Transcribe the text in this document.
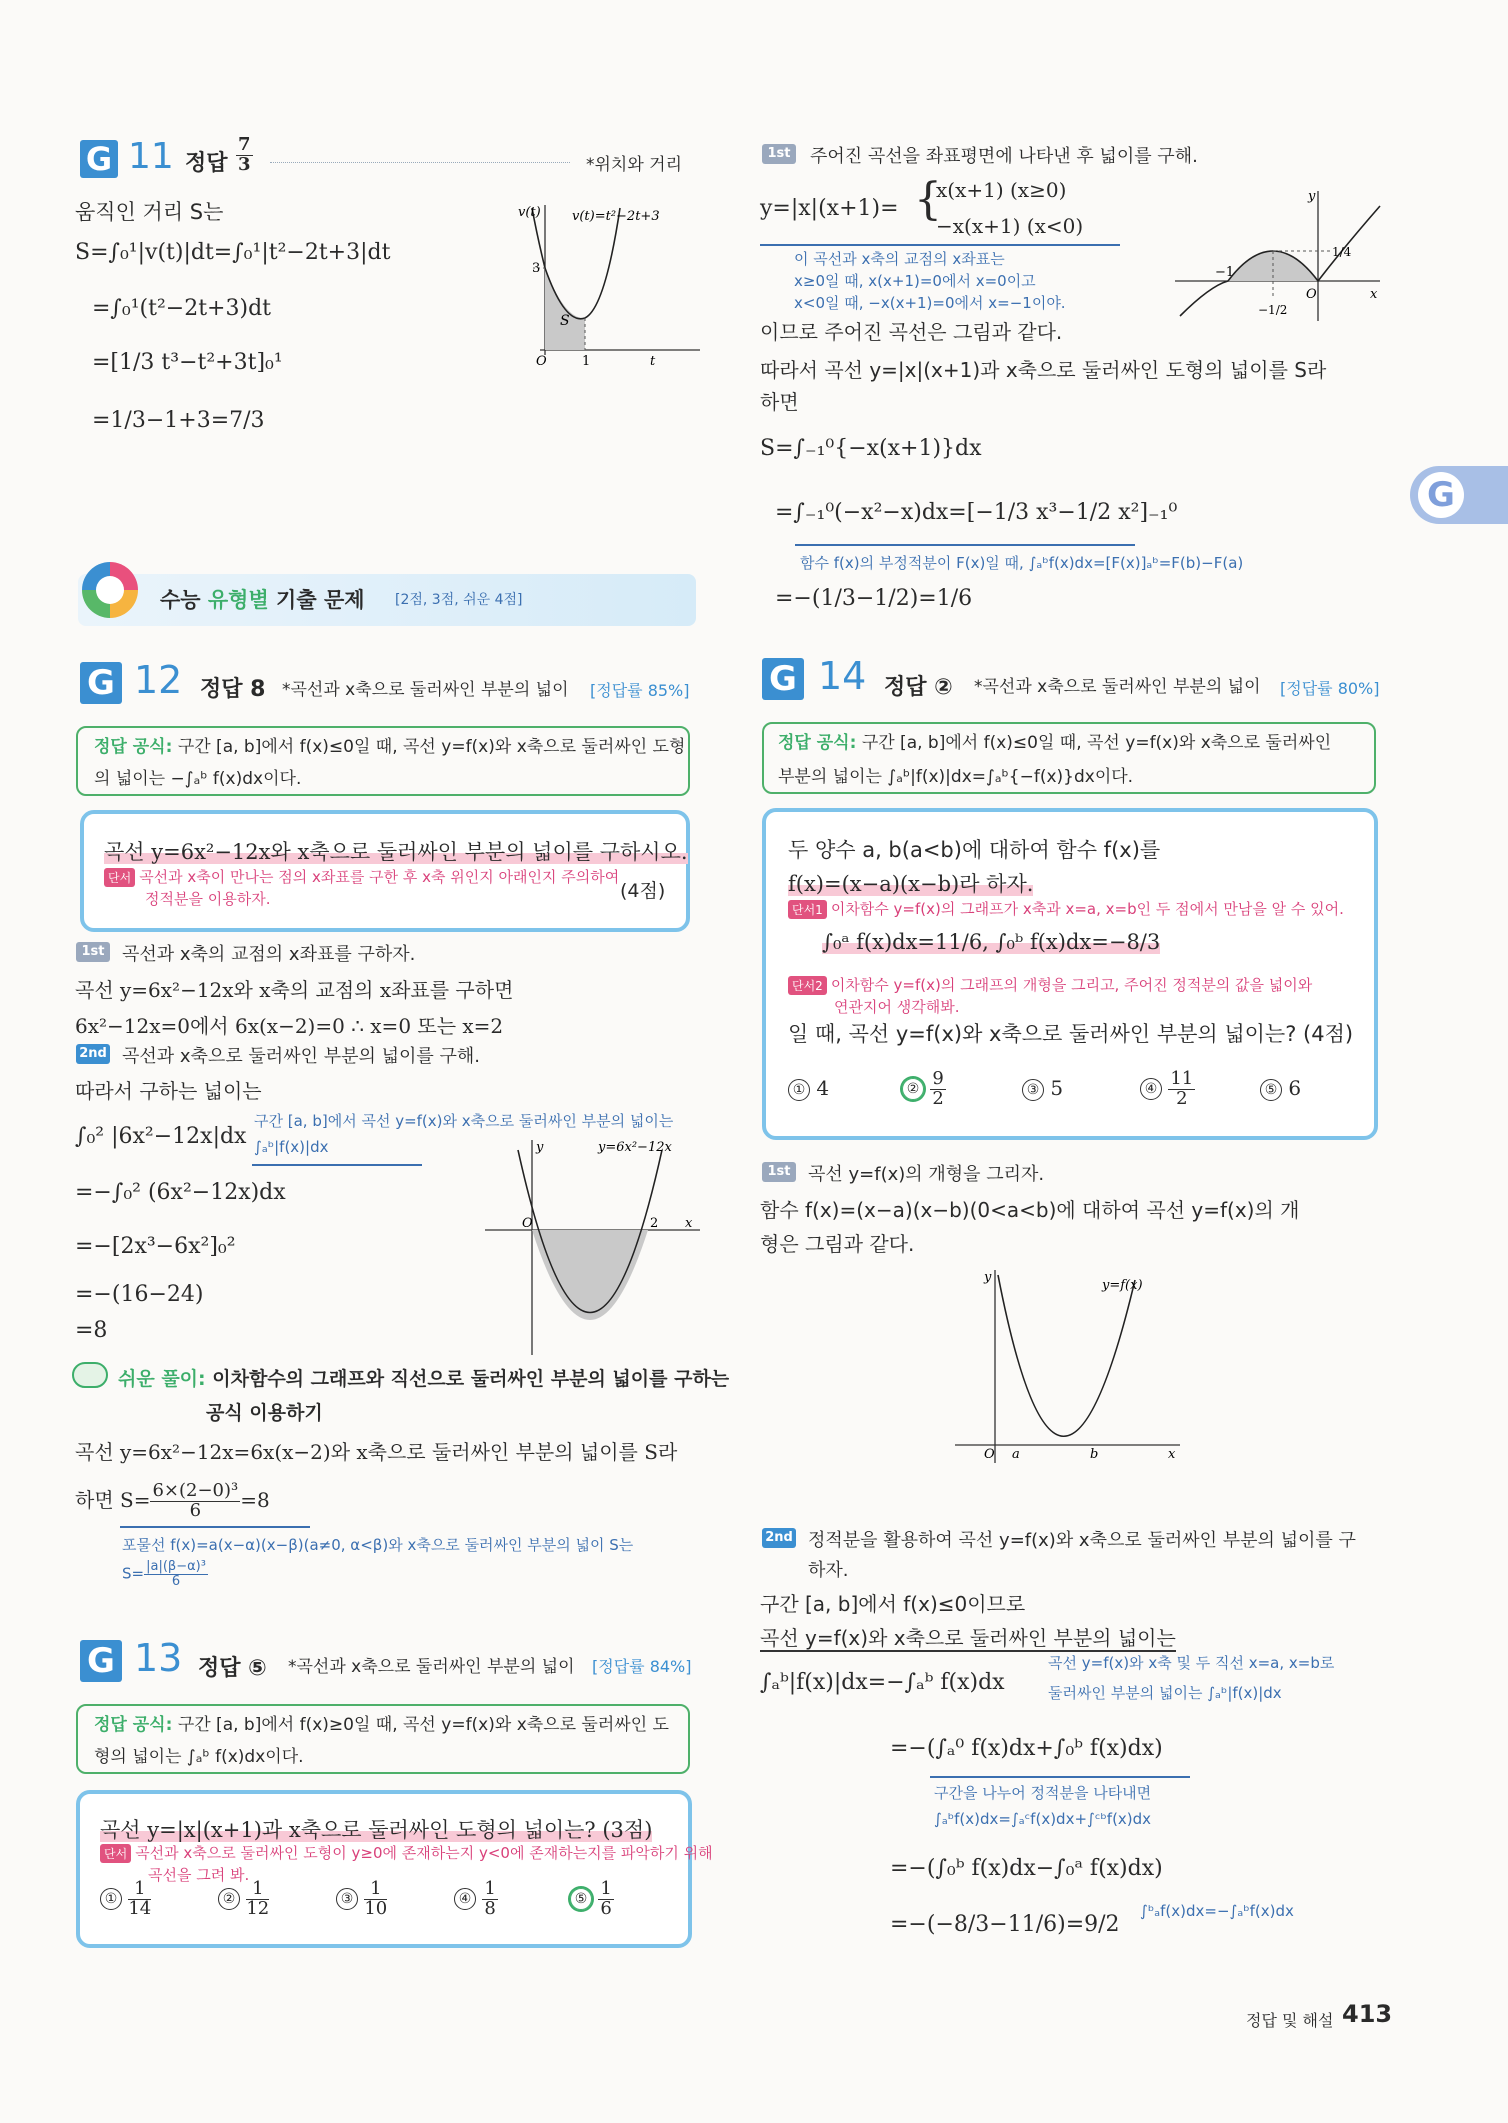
G 11 정답 $\frac{7}{3}$	*위치와 거리
움직인 거리 S는
S=∫₀¹|v(t)|dt=∫₀¹|t²−2t+3|dt
=∫₀¹(t²−2t+3)dt
=[1/3 t³−t²+3t]₀¹
=1/3−1+3=7/3
v(t) v(t)=t²−2t+3
3
S
O	1	t
수능 유형별 기출 문제 [2점, 3점, 쉬운 4점]
G 12 정답 8 *곡선과 x축으로 둘러싸인 부분의 넓이 [정답률 85%]
정답 공식: 구간 [a, b]에서 f(x)≤0일 때, 곡선 y=f(x)와 x축으로 둘러싸인 도형
의 넓이는 −∫ₐᵇ f(x)dx이다.
곡선 y=6x²−12x와 x축으로 둘러싸인 부분의 넓이를 구하시오.
단서 곡선과 x축이 만나는 점의 x좌표를 구한 후 x축 위인지 아래인지 주의하여
정적분을 이용하자.	(4점)
1st 곡선과 x축의 교점의 x좌표를 구하자.
곡선 y=6x²−12x와 x축의 교점의 x좌표를 구하면
6x²−12x=0에서 6x(x−2)=0 ∴ x=0 또는 x=2
2nd 곡선과 x축으로 둘러싸인 부분의 넓이를 구해.
따라서 구하는 넓이는
∫₀² |6x²−12x|dx
=−∫₀² (6x²−12x)dx
=−[2x³−6x²]₀²
=−(16−24)
=8
구간 [a, b]에서 곡선 y=f(x)와 x축으로 둘러싸인 부분의 넓이는
∫ₐᵇ|f(x)|dx	y	y=6x²−12x
O	2 x
쉬운 풀이: 이차함수의 그래프와 직선으로 둘러싸인 부분의 넓이를 구하는
공식 이용하기
곡선 y=6x²−12x=6x(x−2)와 x축으로 둘러싸인 부분의 넓이를 S라
하면 $S= \frac{\text{6×(2−0)³}}{6} =8$
포물선 f(x)=a(x−α)(x−β)(a≠0, α<β)와 x축으로 둘러싸인 부분의 넓이 S는
$S= \frac{\text{|a|(β−α)³}}{6}$
G 13 정답 ⑤ *곡선과 x축으로 둘러싸인 부분의 넓이 [정답률 84%]
정답 공식: 구간 [a, b]에서 f(x)≥0일 때, 곡선 y=f(x)와 x축으로 둘러싸인 도
형의 넓이는 ∫ₐᵇ f(x)dx이다.
곡선 y=|x|(x+1)과 x축으로 둘러싸인 도형의 넓이는? (3점)
단서 곡선과 x축으로 둘러싸인 도형이 y≥0에 존재하는지 y<0에 존재하는지를 파악하기 위해
곡선을 그려 봐.
① $\frac{1}{14}$	② $\frac{1}{12}$	③ $\frac{1}{10}$	④ $\frac{1}{8}$	⑤ $\frac{1}{6}$
1st	주어진 곡선을 좌표평면에 나타낸 후 넓이를 구해.
y=|x|(x+1)= {
x(x+1) (x≥0)
−x(x+1) (x<0)
이 곡선과 x축의 교점의 x좌표는
x≥0일 때, x(x+1)=0에서 x=0이고
x<0일 때, −x(x+1)=0에서 x=−1이야.
y
1/4
−1
O	x
−1/2
이므로 주어진 곡선은 그림과 같다.
따라서 곡선 y=|x|(x+1)과 x축으로 둘러싸인 도형의 넓이를 S라
하면
S=∫₋₁⁰{−x(x+1)}dx
=∫₋₁⁰(−x²−x)dx=[−1/3 x³−1/2 x²]₋₁⁰
함수 f(x)의 부정적분이 F(x)일 때, ∫ₐᵇf(x)dx=[F(x)]ₐᵇ=F(b)−F(a)
=−(1/3−1/2)=1/6
G
G 14 정답 ② *곡선과 x축으로 둘러싸인 부분의 넓이 [정답률 80%]
정답 공식: 구간 [a, b]에서 f(x)≤0일 때, 곡선 y=f(x)와 x축으로 둘러싸인
부분의 넓이는 ∫ₐᵇ|f(x)|dx=∫ₐᵇ{−f(x)}dx이다.
두 양수 a, b(a<b)에 대하여 함수 f(x)를
f(x)=(x−a)(x−b)라 하자.
단서1 이차함수 y=f(x)의 그래프가 x축과 x=a, x=b인 두 점에서 만남을 알 수 있어.
∫₀ᵃ f(x)dx=11/6, ∫₀ᵇ f(x)dx=−8/3
단서2 이차함수 y=f(x)의 그래프의 개형을 그리고, 주어진 정적분의 값을 넓이와
연관지어 생각해봐.
일 때, 곡선 y=f(x)와 x축으로 둘러싸인 부분의 넓이는? (4점)
① 4	② $\frac{9}{2}$	③ 5	④ $\frac{11}{2}$	⑤ 6
1st 곡선 y=f(x)의 개형을 그리자.
함수 f(x)=(x−a)(x−b)(0<a<b)에 대하여 곡선 y=f(x)의 개
형은 그림과 같다.
y
y=f(x)
O a	b	x
2nd 정적분을 활용하여 곡선 y=f(x)와 x축으로 둘러싸인 부분의 넓이를 구
하자.
구간 [a, b]에서 f(x)≤0이므로
곡선 y=f(x)와 x축으로 둘러싸인 부분의 넓이는
∫ₐᵇ|f(x)|dx=−∫ₐᵇ f(x)dx
곡선 y=f(x)와 x축 및 두 직선 x=a, x=b로
둘러싸인 부분의 넓이는 ∫ₐᵇ|f(x)|dx
=−(∫ₐ⁰ f(x)dx+∫₀ᵇ f(x)dx)
구간을 나누어 정적분을 나타내면
∫ₐᵇf(x)dx=∫ₐᶜf(x)dx+∫ᶜᵇf(x)dx
=−(∫₀ᵇ f(x)dx−∫₀ᵃ f(x)dx)
=−(−8/3−11/6)=9/2
∫ᵇₐf(x)dx=−∫ₐᵇf(x)dx
정답 및 해설 413
